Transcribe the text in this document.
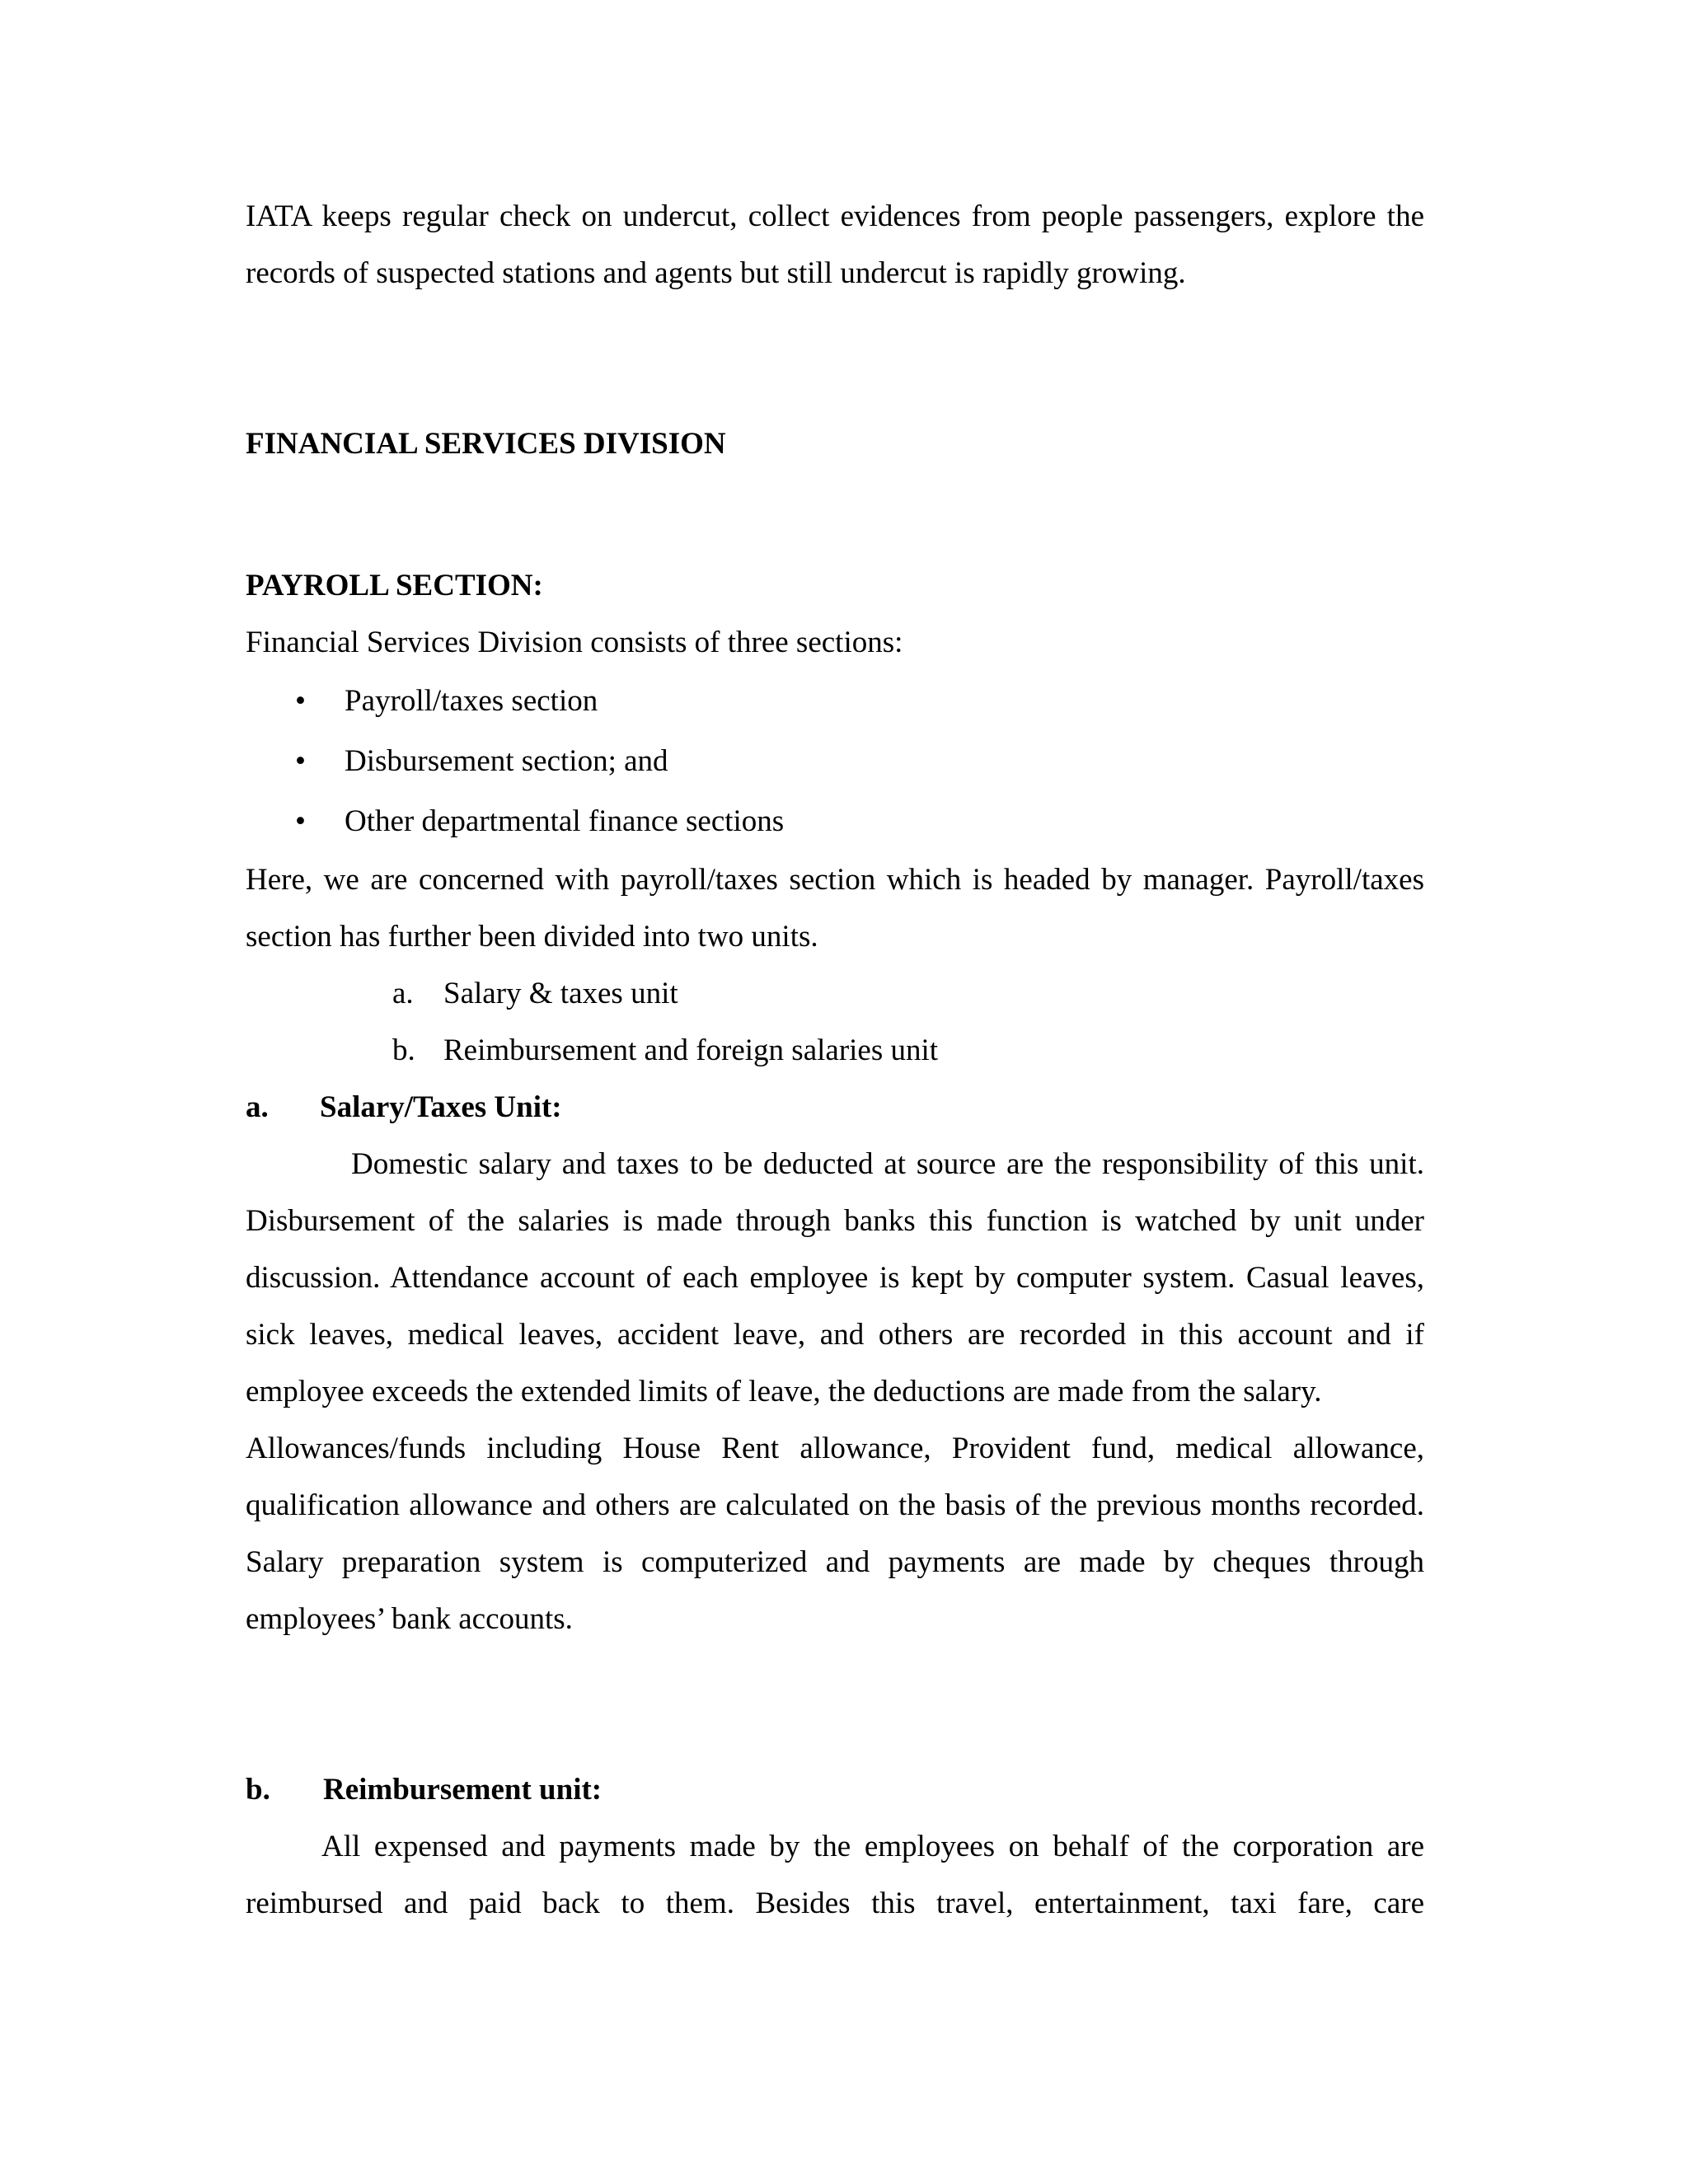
IATA keeps regular check on undercut, collect evidences from people passengers, explore the records of suspected stations and agents but still undercut is rapidly growing.

FINANCIAL SERVICES DIVISION

PAYROLL SECTION:

Financial Services Division consists of three sections:

•	Payroll/taxes section
•	Disbursement section; and
•	Other departmental finance sections

Here, we are concerned with payroll/taxes section which is headed by manager. Payroll/taxes section has further been divided into two units.

a. Salary & taxes unit
b. Reimbursement and foreign salaries unit
a. Salary/Taxes Unit:

Domestic salary and taxes to be deducted at source are the responsibility of this unit. Disbursement of the salaries is made through banks this function is watched by unit under discussion. Attendance account of each employee is kept by computer system. Casual leaves, sick leaves, medical leaves, accident leave, and others are recorded in this account and if employee exceeds the extended limits of leave, the deductions are made from the salary.

Allowances/funds including House Rent allowance, Provident fund, medical allowance, qualification allowance and others are calculated on the basis of the previous months recorded. Salary preparation system is computerized and payments are made by cheques through employees’ bank accounts.

b. Reimbursement unit:

All expensed and payments made by the employees on behalf of the corporation are reimbursed and paid back to them. Besides this travel, entertainment, taxi fare, care
